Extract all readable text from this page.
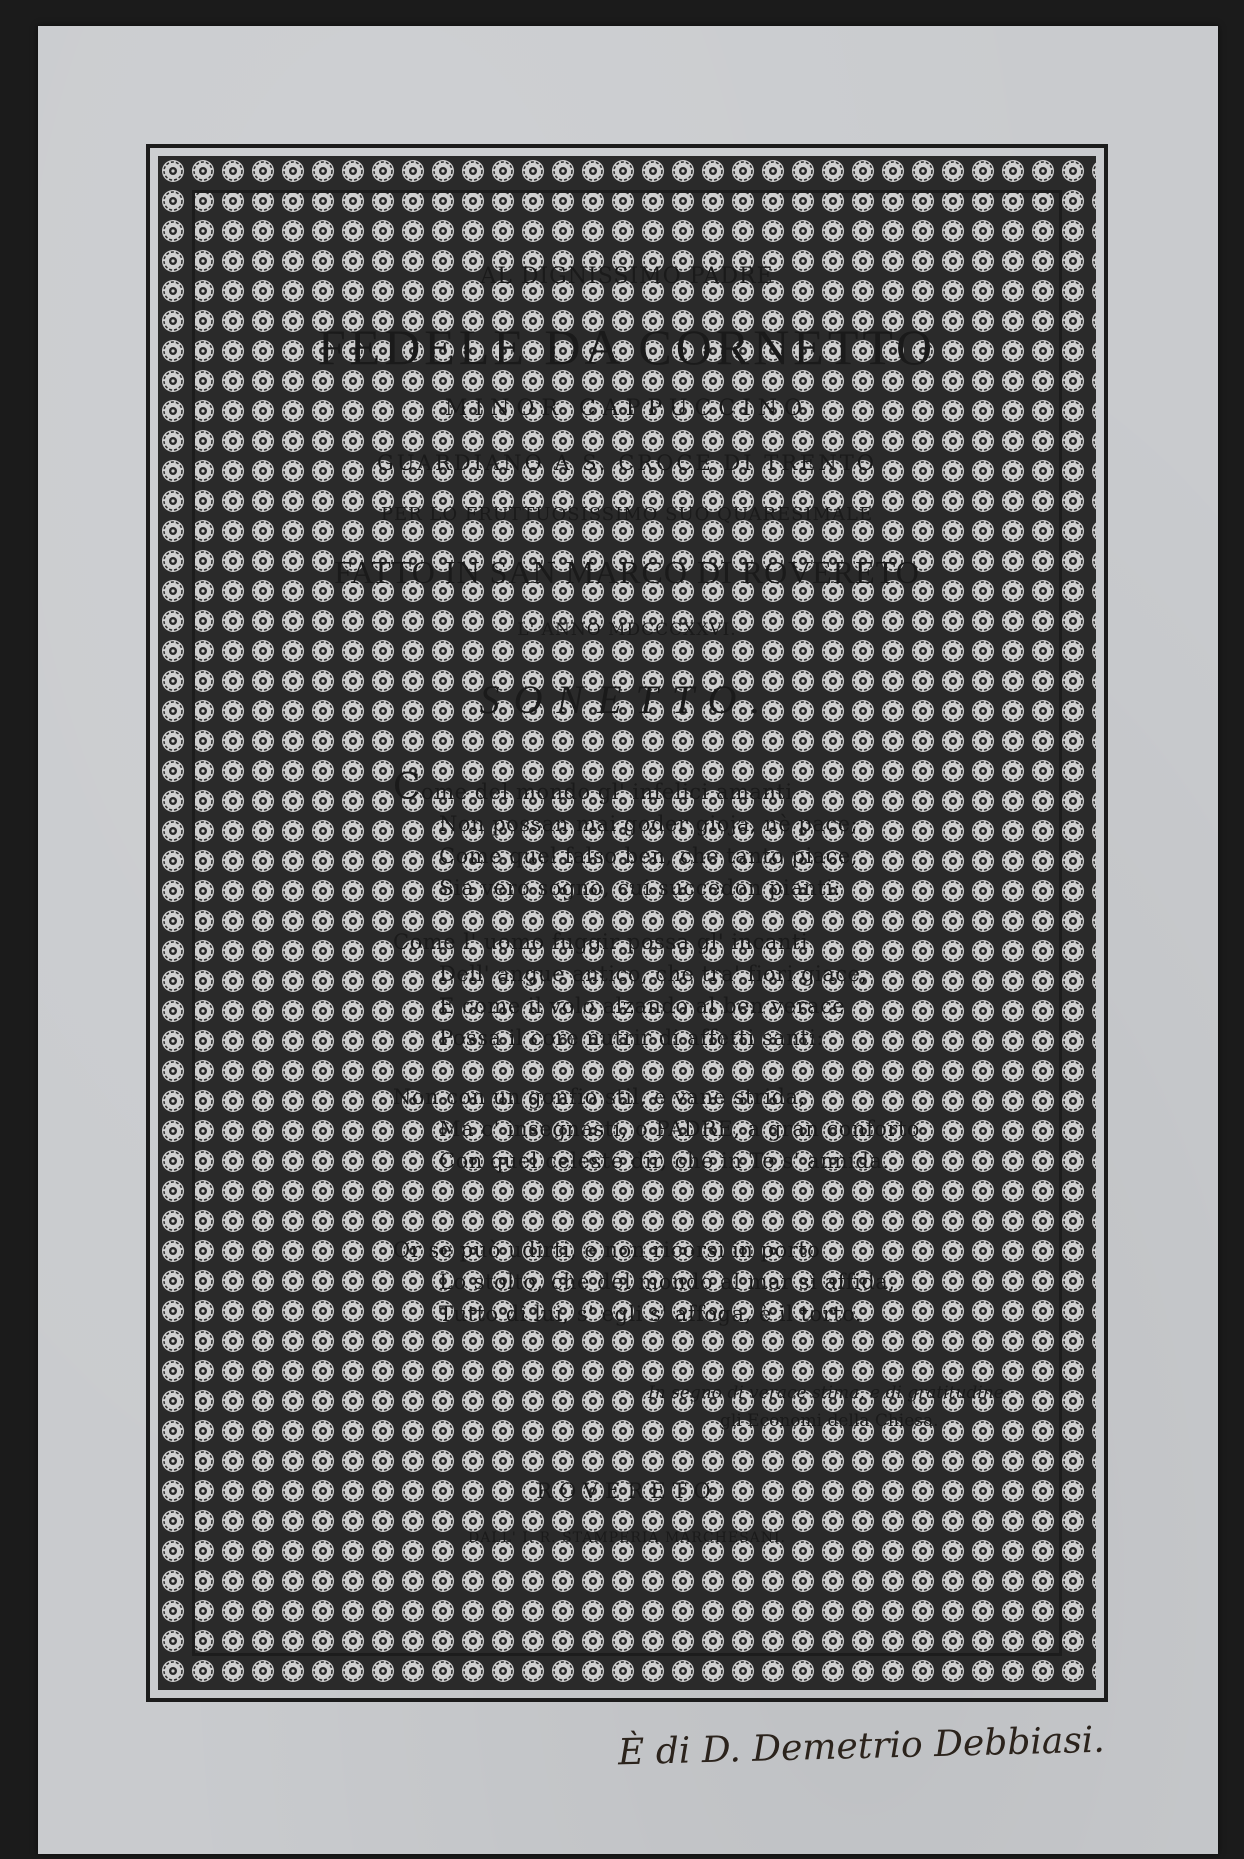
AL DIGNISSIMO PADRE
FEDELE DA CORNETTO
MINOR CAPPUCCINO
GUARDIANO A S. CROCE DI TRENTO
PER LO FRUTTUOSISSIMO SUO QUARESIMALE
FATTO IN SAN MARCO DI ROVERETO
L' ANNO MDCCCXXVI.
SONETTO.
Come del mondo gl' infelici amanti
Non possan mai goder gioja, nè pace;
Come quel falso ben, che tanto piace,
Sia vero sogno, cui succedon pianti:
Come l' uomo fuggir possa gl' incanti
Dell' angue antico, che tra' fiori giace,
E come il volo alzando al ben verace
Possa il core nutrir di affetti santi:
Non con un gonfio stil, e vane strida,
Ma c' insegnasti, o PADRE, a gran conforto
Con quel celeste dir, che in Te s' annida.
Or se può udirti, e non ricorsi in porto
Lo stolto, che del mondo al mar si affida,
Tutto di lui, s' egli s' affoga, è il torto.
In segno di verace stima, e di gratitudine
gli Economi della Chiesa.
ROVERETO
DALL' I. R. STAMPERIA MARCHESANI.
È di D. Demetrio Debbiasi.
